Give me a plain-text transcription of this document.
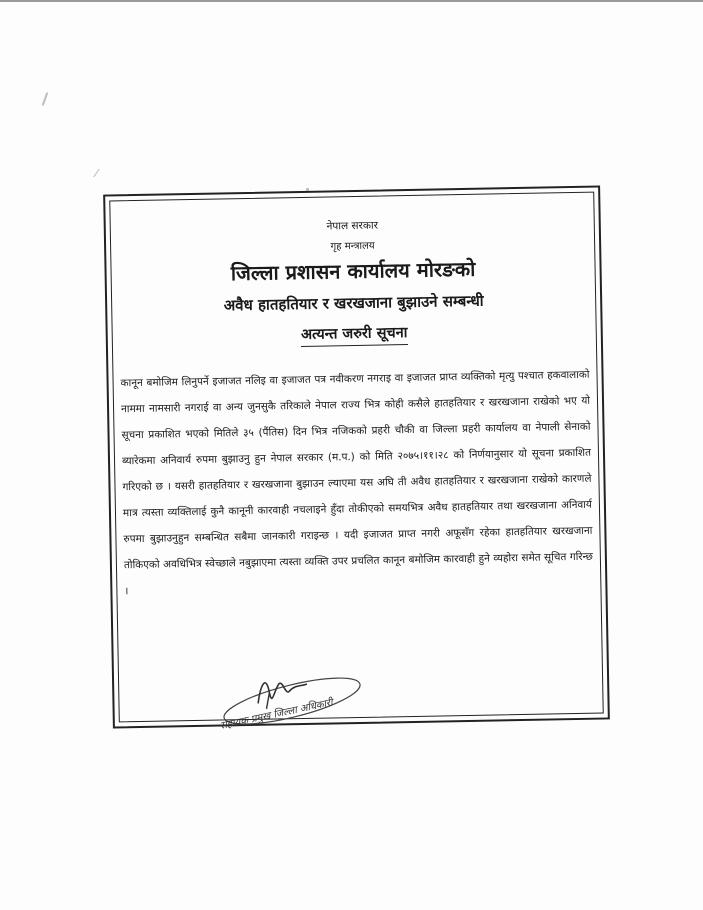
नेपाल सरकार
गृह मन्त्रालय
जिल्ला प्रशासन कार्यालय मोरङको
अवैध हातहतियार र खरखजाना बुझाउने सम्बन्धी
अत्यन्त जरुरी सूचना
कानून बमोजिम लिनुपर्ने इजाजत नलिइ वा इजाजत पत्र नवीकरण नगराइ वा इजाजत प्राप्त व्यक्तिको मृत्यु पश्चात हकवालाको नाममा नामसारी नगराई वा अन्य जुनसुकै तरिकाले नेपाल राज्य भित्र कोही कसैले हातहतियार र खरखजाना राखेको भए यो सूचना प्रकाशित भएको मितिले ३५ (पैंतिस) दिन भित्र नजिकको प्रहरी चौकी वा जिल्ला प्रहरी कार्यालय वा नेपाली सेनाको ब्यारेकमा अनिवार्य रुपमा बुझाउनु हुन नेपाल सरकार (म.प.) को मिति २०७५।११।२८ को निर्णयानुसार यो सूचना प्रकाशित गरिएको छ । यसरी हातहतियार र खरखजाना बुझाउन ल्याएमा यस अघि ती अवैध हातहतियार र खरखजाना राखेको कारणले मात्र त्यस्ता व्यक्तिलाई कुनै कानूनी कारवाही नचलाइने हुँदा तोकीएको समयभित्र अवैध हातहतियार तथा खरखजाना अनिवार्य रुपमा बुझाउनुहुन सम्बन्धित सबैमा जानकारी गराइन्छ । यदी इजाजत प्राप्त नगरी अफूसँग रहेका हातहतियार खरखजाना तोकिएको अवधिभित्र स्वेच्छाले नबुझाएमा त्यस्ता व्यक्ति उपर प्रचलित कानून बमोजिम कारवाही हुने व्यहोरा समेत सूचित गरिन्छ ।
सहायक प्रमुख जिल्ला अधिकारी
